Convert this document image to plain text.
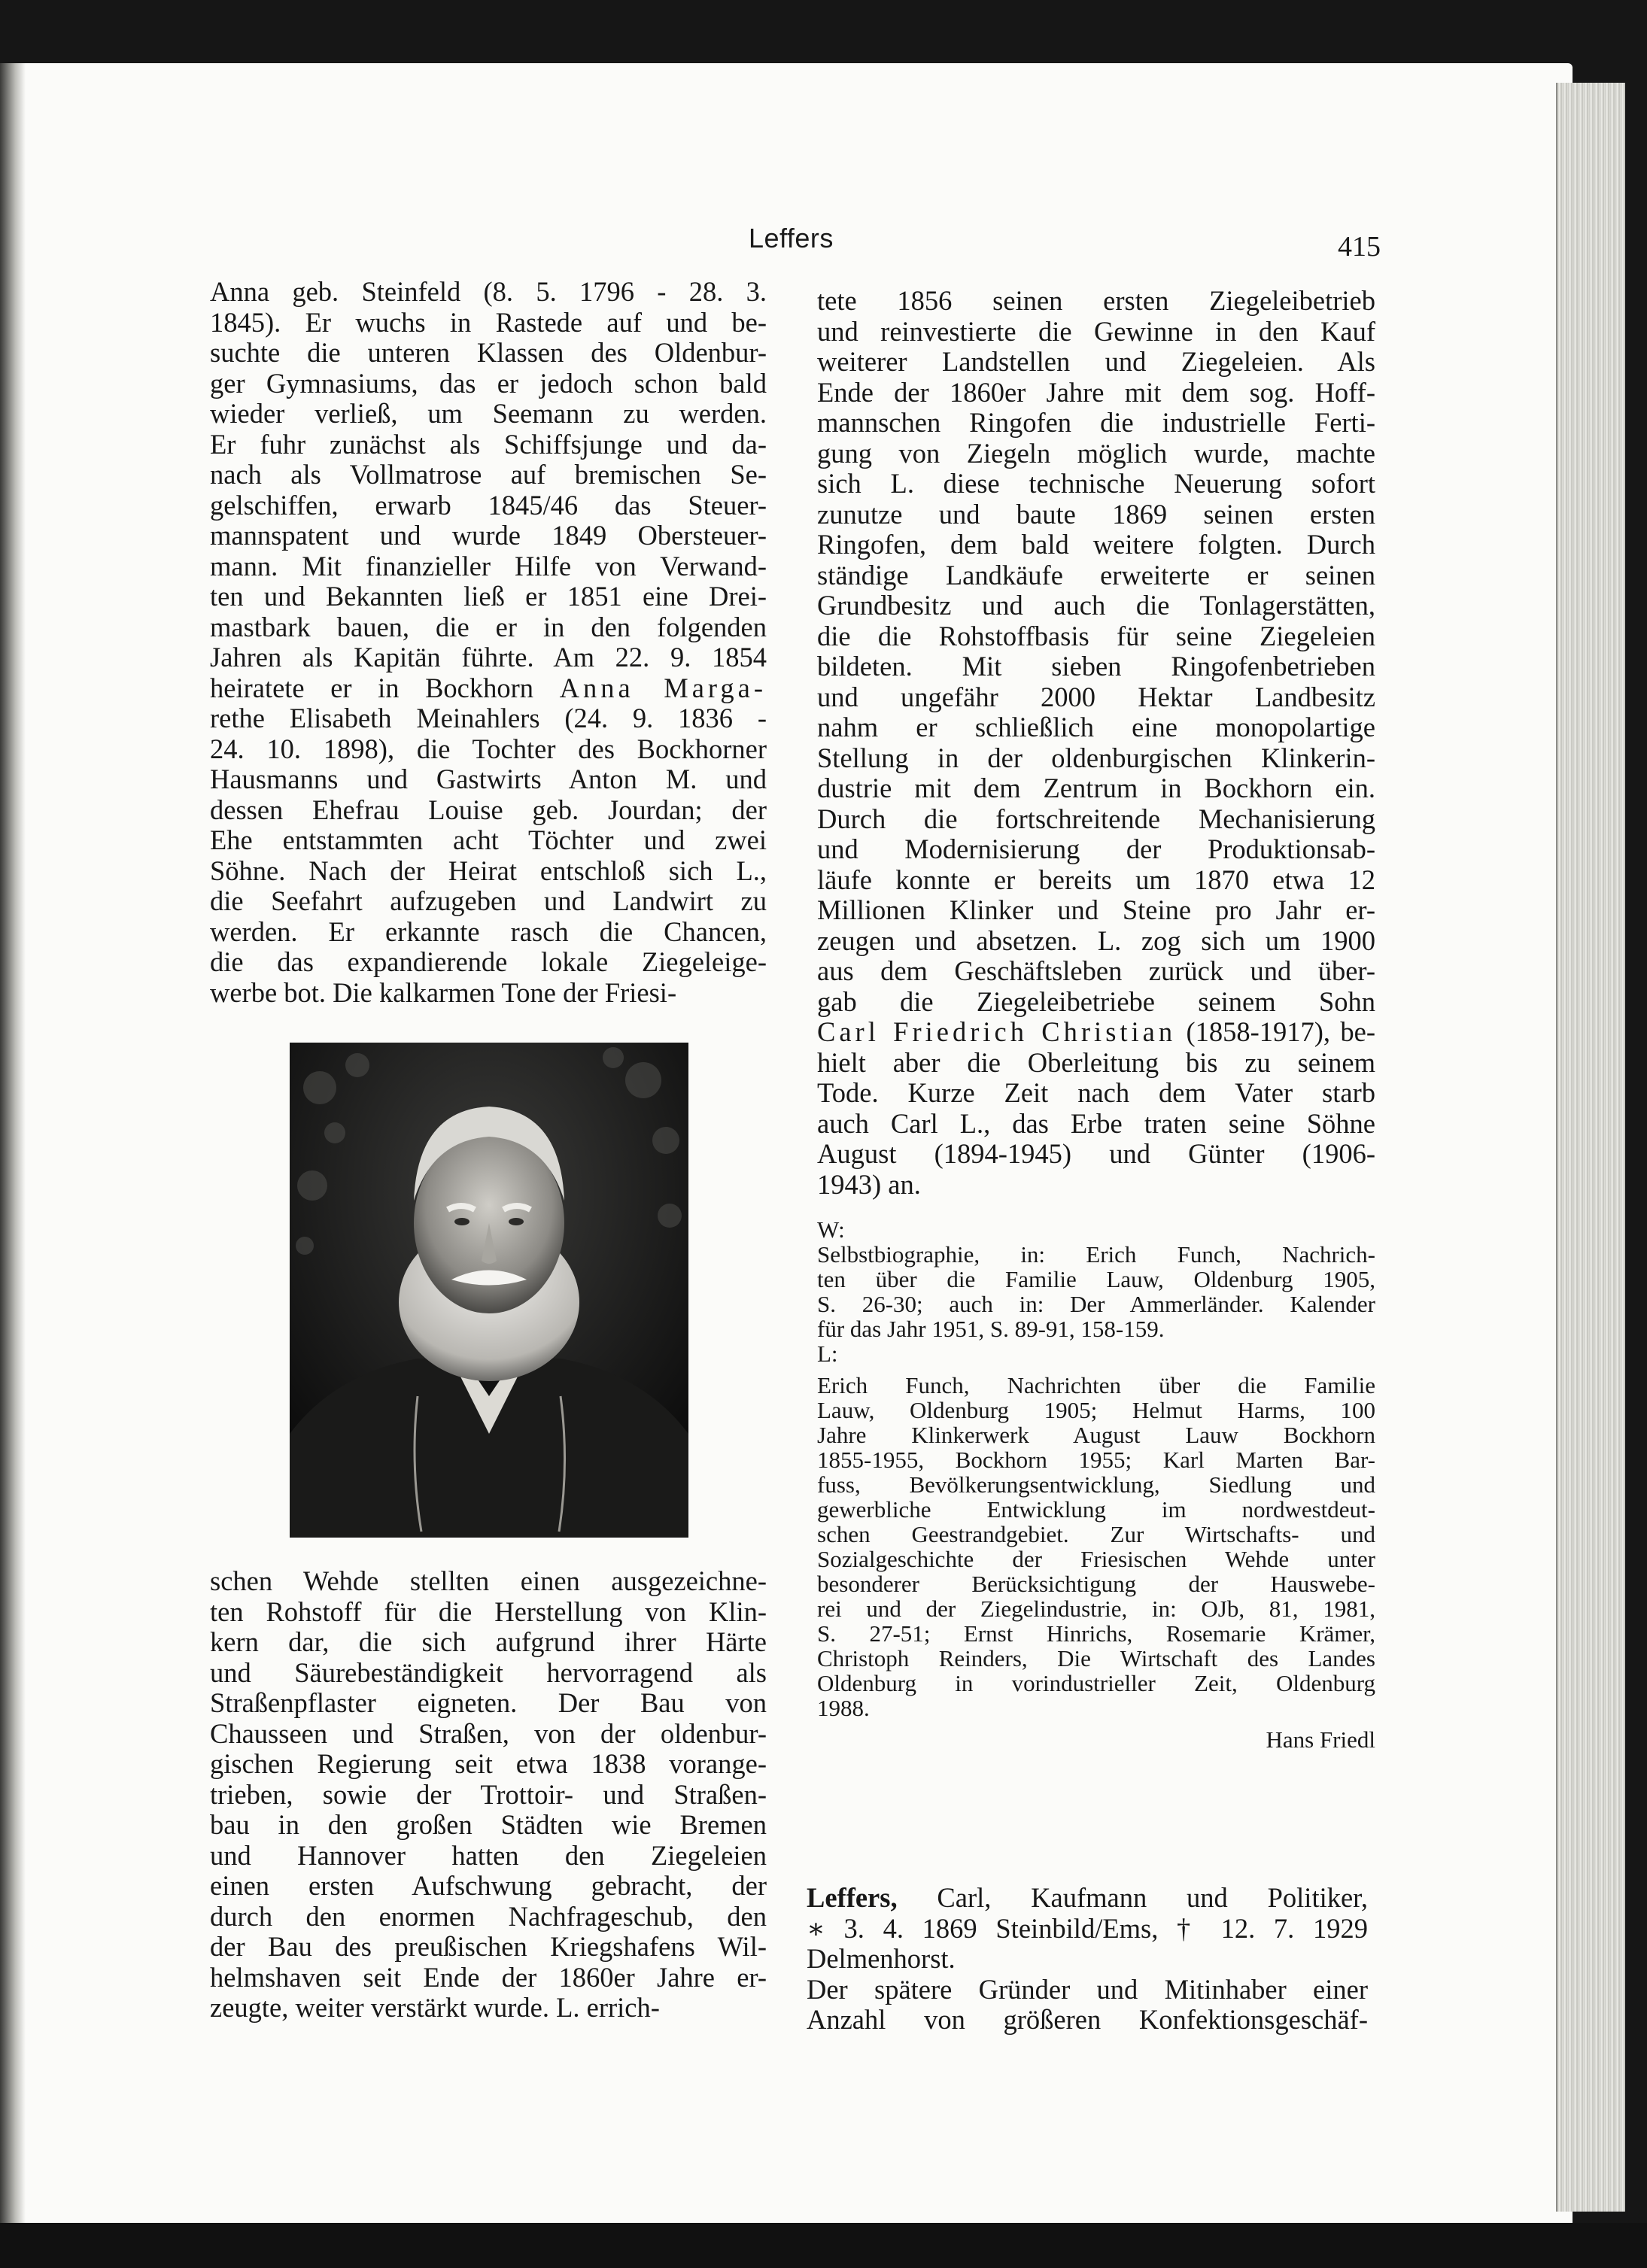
Leffers	415
Anna geb. Steinfeld (8. 5. 1796 - 28. 3.
1845). Er wuchs in Rastede auf und be-
suchte die unteren Klassen des Oldenbur-
ger Gymnasiums, das er jedoch schon bald
wieder verließ, um Seemann zu werden.
Er fuhr zunächst als Schiffsjunge und da-
nach als Vollmatrose auf bremischen Se-
gelschiffen, erwarb 1845/46 das Steuer-
mannspatent und wurde 1849 Obersteuer-
mann. Mit finanzieller Hilfe von Verwand-
ten und Bekannten ließ er 1851 eine Drei-
mastbark bauen, die er in den folgenden
Jahren als Kapitän führte. Am 22. 9. 1854
heiratete er in Bockhorn Anna Marga-
rethe Elisabeth Meinahlers (24. 9. 1836 -
24. 10. 1898), die Tochter des Bockhorner
Hausmanns und Gastwirts Anton M. und
dessen Ehefrau Louise geb. Jourdan; der
Ehe entstammten acht Töchter und zwei
Söhne. Nach der Heirat entschloß sich L.,
die Seefahrt aufzugeben und Landwirt zu
werden. Er erkannte rasch die Chancen,
die das expandierende lokale Ziegeleige-
werbe bot. Die kalkarmen Tone der Friesi-
schen Wehde stellten einen ausgezeichne-
ten Rohstoff für die Herstellung von Klin-
kern dar, die sich aufgrund ihrer Härte
und Säurebeständigkeit hervorragend als
Straßenpflaster eigneten. Der Bau von
Chausseen und Straßen, von der oldenbur-
gischen Regierung seit etwa 1838 vorange-
trieben, sowie der Trottoir- und Straßen-
bau in den großen Städten wie Bremen
und Hannover hatten den Ziegeleien
einen ersten Aufschwung gebracht, der
durch den enormen Nachfrageschub, den
der Bau des preußischen Kriegshafens Wil-
helmshaven seit Ende der 1860er Jahre er-
zeugte, weiter verstärkt wurde. L. errich-
tete 1856 seinen ersten Ziegeleibetrieb
und reinvestierte die Gewinne in den Kauf
weiterer Landstellen und Ziegeleien. Als
Ende der 1860er Jahre mit dem sog. Hoff-
mannschen Ringofen die industrielle Ferti-
gung von Ziegeln möglich wurde, machte
sich L. diese technische Neuerung sofort
zunutze und baute 1869 seinen ersten
Ringofen, dem bald weitere folgten. Durch
ständige Landkäufe erweiterte er seinen
Grundbesitz und auch die Tonlagerstätten,
die die Rohstoffbasis für seine Ziegeleien
bildeten. Mit sieben Ringofenbetrieben
und ungefähr 2000 Hektar Landbesitz
nahm er schließlich eine monopolartige
Stellung in der oldenburgischen Klinkerin-
dustrie mit dem Zentrum in Bockhorn ein.
Durch die fortschreitende Mechanisierung
und Modernisierung der Produktionsab-
läufe konnte er bereits um 1870 etwa 12
Millionen Klinker und Steine pro Jahr er-
zeugen und absetzen. L. zog sich um 1900
aus dem Geschäftsleben zurück und über-
gab die Ziegeleibetriebe seinem Sohn
Carl Friedrich Christian (1858-1917), be-
hielt aber die Oberleitung bis zu seinem
Tode. Kurze Zeit nach dem Vater starb
auch Carl L., das Erbe traten seine Söhne
August (1894-1945) und Günter (1906-
1943) an.
W:
Selbstbiographie, in: Erich Funch, Nachrich-
ten über die Familie Lauw, Oldenburg 1905,
S. 26-30; auch in: Der Ammerländer. Kalender
für das Jahr 1951, S. 89-91, 158-159.
L:
Erich Funch, Nachrichten über die Familie
Lauw, Oldenburg 1905; Helmut Harms, 100
Jahre Klinkerwerk August Lauw Bockhorn
1855-1955, Bockhorn 1955; Karl Marten Bar-
fuss, Bevölkerungsentwicklung, Siedlung und
gewerbliche Entwicklung im nordwestdeut-
schen Geestrandgebiet. Zur Wirtschafts- und
Sozialgeschichte der Friesischen Wehde unter
besonderer Berücksichtigung der Hauswebe-
rei und der Ziegelindustrie, in: OJb, 81, 1981,
S. 27-51; Ernst Hinrichs, Rosemarie Krämer,
Christoph Reinders, Die Wirtschaft des Landes
Oldenburg in vorindustrieller Zeit, Oldenburg
1988.
Hans Friedl
Leffers, Carl, Kaufmann und Politiker,
∗ 3. 4. 1869 Steinbild/Ems, † 12. 7. 1929
Delmenhorst.
Der spätere Gründer und Mitinhaber einer
Anzahl von größeren Konfektionsgeschäf-
